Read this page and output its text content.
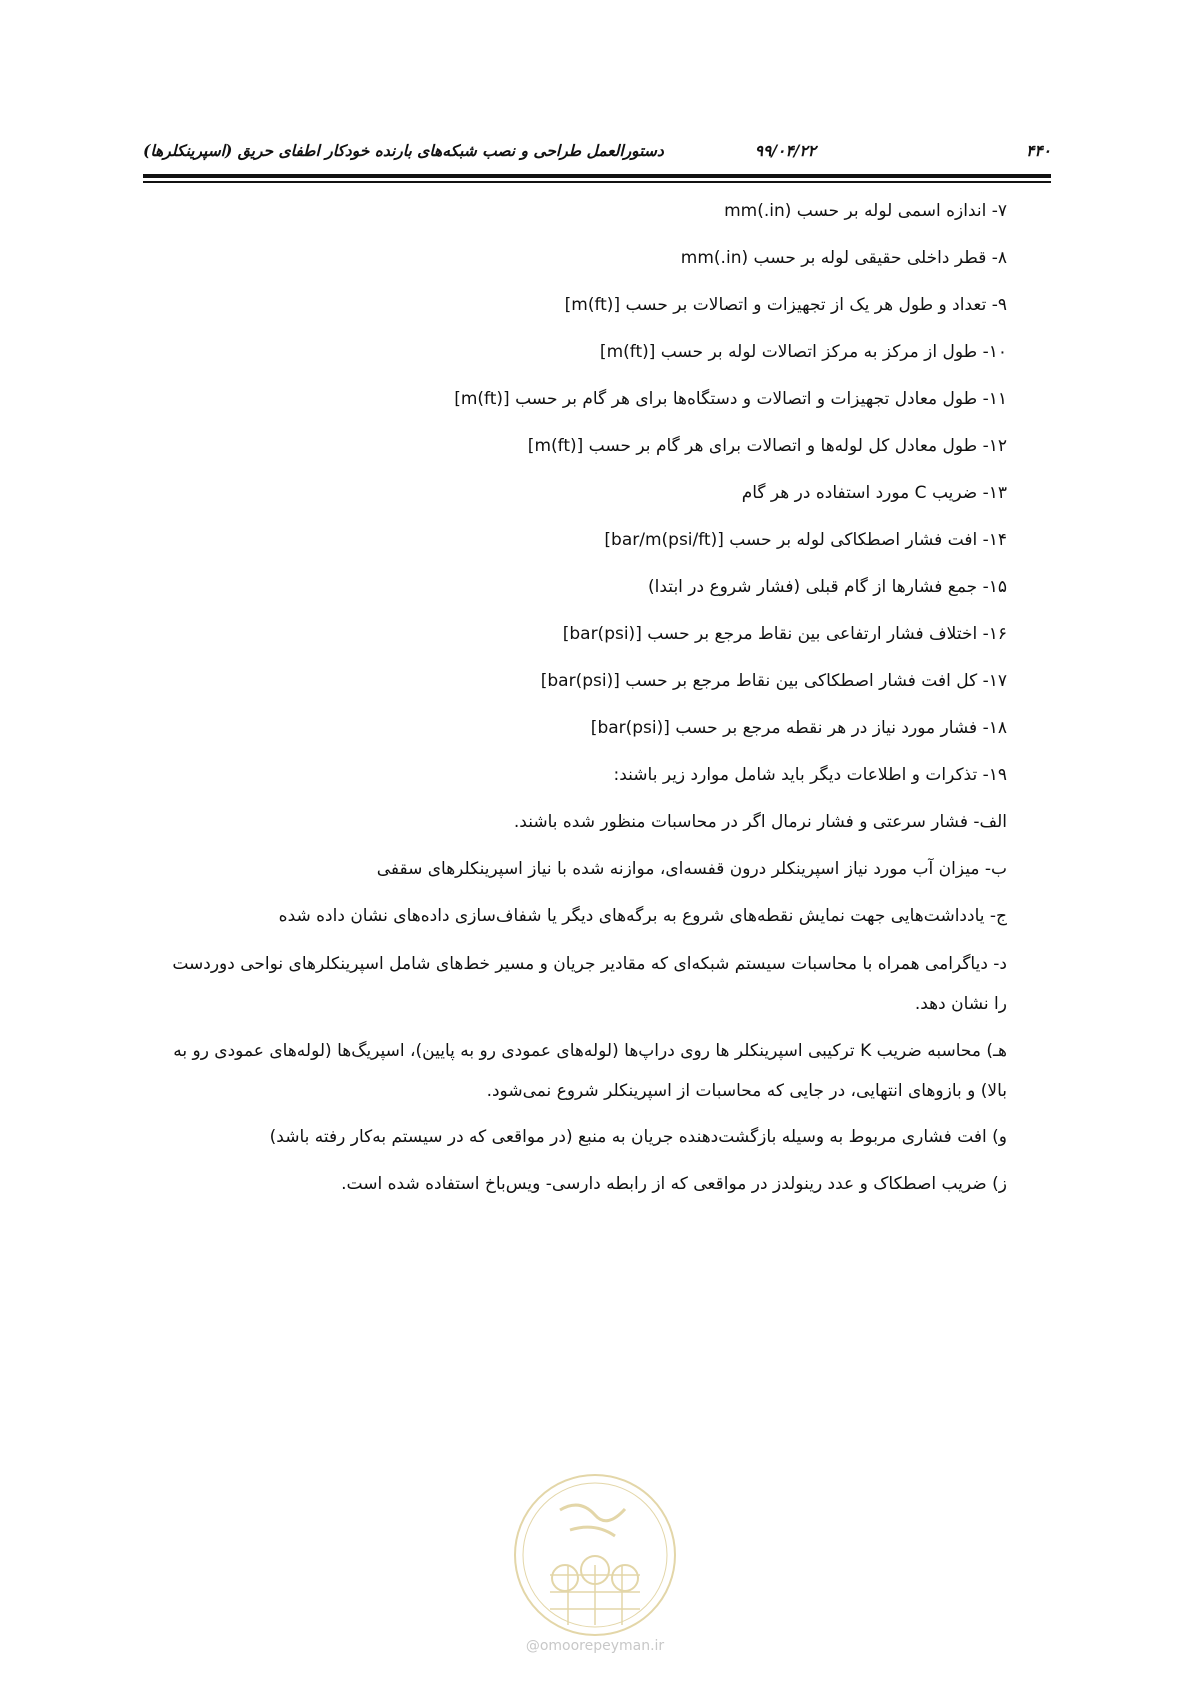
۴۴۰
۹۹/۰۴/۲۲
دستورالعمل طراحی و نصب شبکه‌های بارنده خودکار اطفای حریق (اسپرینکلرها)

۷- اندازه اسمی لوله بر حسب (in.)mm

۸- قطر داخلی حقیقی لوله بر حسب (in.)mm

۹- تعداد و طول هر یک از تجهیزات و اتصالات بر حسب [m(ft)]

۱۰- طول از مرکز به مرکز اتصالات لوله بر حسب [m(ft)]

۱۱- طول معادل تجهیزات و اتصالات و دستگاه‌ها برای هر گام بر حسب [m(ft)]

۱۲- طول معادل کل لوله‌ها و اتصالات برای هر گام بر حسب [m(ft)]

۱۳- ضریب C مورد استفاده در هر گام

۱۴- افت فشار اصطکاکی لوله بر حسب [bar/m(psi/ft)]

۱۵- جمع فشارها از گام قبلی (فشار شروع در ابتدا)

۱۶- اختلاف فشار ارتفاعی بین نقاط مرجع بر حسب [bar(psi)]

۱۷- کل افت فشار اصطکاکی بین نقاط مرجع بر حسب [bar(psi)]

۱۸- فشار مورد نیاز در هر نقطه مرجع بر حسب [bar(psi)]

۱۹- تذکرات و اطلاعات دیگر باید شامل موارد زیر باشند:

الف- فشار سرعتی و فشار نرمال اگر در محاسبات منظور شده باشند.

ب- میزان آب مورد نیاز اسپرینکلر درون قفسه‌ای، موازنه شده با نیاز اسپرینکلرهای سقفی

ج- یادداشت‌هایی جهت نمایش نقطه‌های شروع به برگه‌های دیگر یا شفاف‌سازی داده‌های نشان داده شده

د- دیاگرامی همراه با محاسبات سیستم شبکه‌ای که مقادیر جریان و مسیر خط‌های شامل اسپرینکلرهای نواحی دوردست را نشان دهد.

هـ) محاسبه ضریب K ترکیبی اسپرینکلر ها روی دراپ‌ها (لوله‌های عمودی رو به پایین)، اسپریگ‌ها (لوله‌های عمودی رو به بالا) و بازوهای انتهایی، در جایی که محاسبات از اسپرینکلر شروع نمی‌شود.

و) افت فشاری مربوط به وسیله بازگشت‌دهنده جریان به منبع (در مواقعی که در سیستم به‌کار رفته باشد)

ز) ضریب اصطکاک و عدد رینولدز در مواقعی که از رابطه دارسی- ویس‌باخ استفاده شده است.

@omoorepeyman.ir
